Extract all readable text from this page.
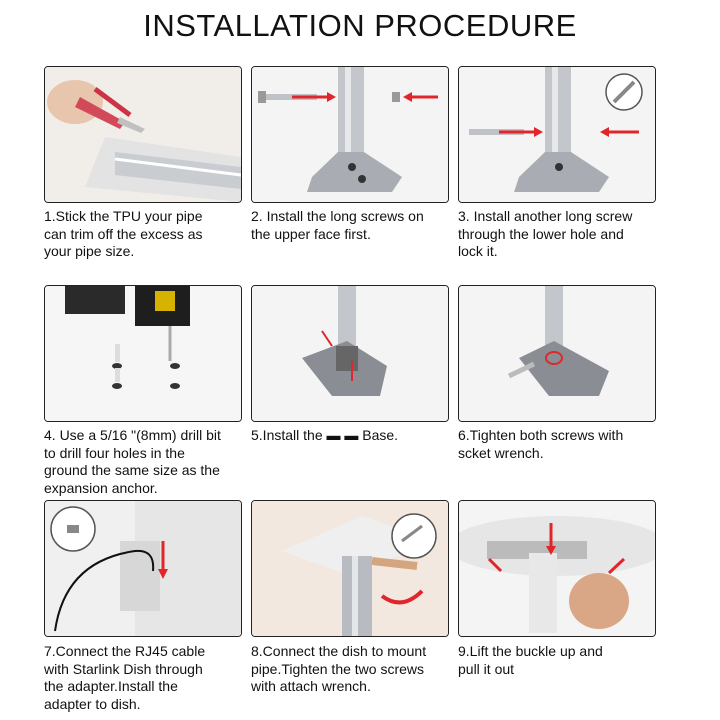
INSTALLATION PROCEDURE
1.Stick the TPU your pipe
can trim off the excess as
your pipe size.
2. Install the long screws on
the upper face first.
3. Install another long screw
through the lower hole and
lock it.
4. Use a 5/16 "(8mm) drill bit
to drill four holes in the
ground the same size as the
expansion anchor.
5.Install the ▬ ▬ Base.	6.Tighten both screws with
scket wrench.
7.Connect the RJ45 cable
with Starlink Dish through
the adapter.Install the
adapter to dish.
8.Connect the dish to mount
pipe.Tighten the two screws
with attach wrench.
9.Lift the buckle up and
pull it out
